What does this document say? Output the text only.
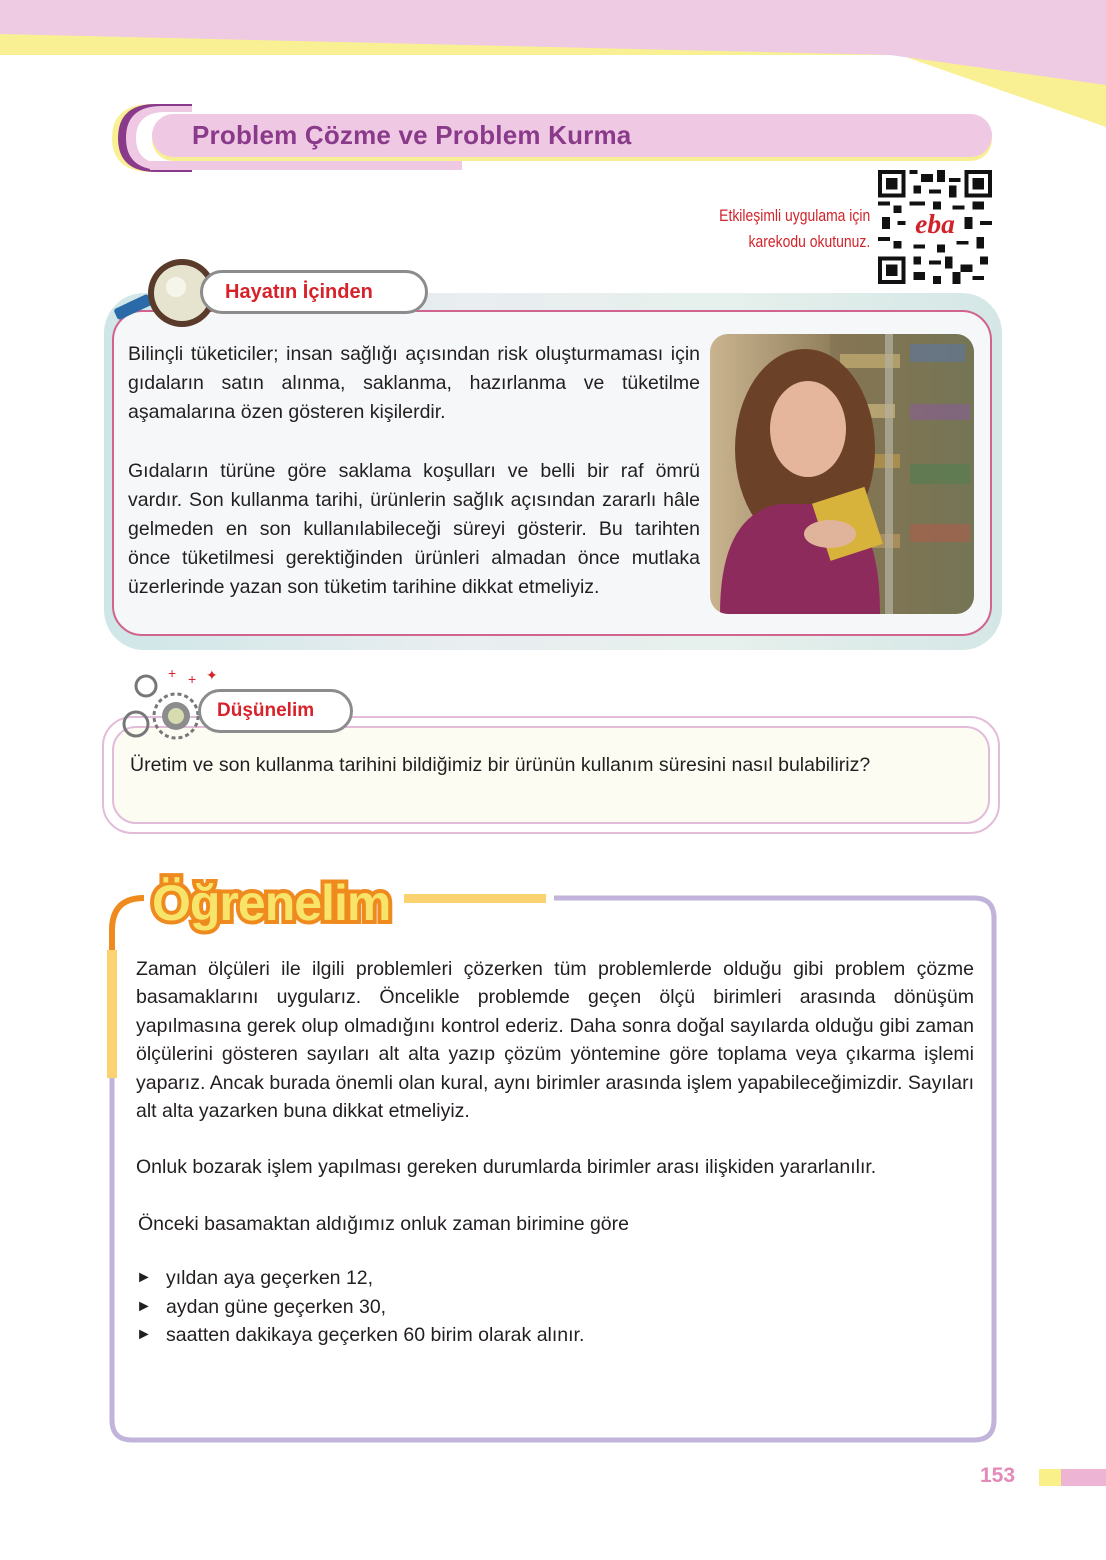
Problem Çözme ve Problem Kurma
Etkileşimli uygulama için
karekodu okutunuz.
eba

Bilinçli tüketiciler; insan sağlığı açısından risk oluşturmaması için gıdaların satın alınma, saklanma, hazırlanma ve tüketilme aşamalarına özen gösteren kişilerdir.

Gıdaların türüne göre saklama koşulları ve belli bir raf ömrü vardır. Son kullanma tarihi, ürünlerin sağlık açısından zararlı hâle gelmeden en son kullanılabileceği süreyi gösterir. Bu tarihten önce tüketilmesi gerektiğinden ürünleri almadan önce mutlaka üzerlerinde yazan son tüketim tarihine dikkat etmeliyiz.

Hayatın İçinden
Üretim ve son kullanma tarihini bildiğimiz bir ürünün kullanım süresini nasıl bulabiliriz?
+ + ✦
Düşünelim
Öğrenelim

Zaman ölçüleri ile ilgili problemleri çözerken tüm problemlerde olduğu gibi problem çözme basamaklarını uygularız. Öncelikle problemde geçen ölçü birimleri arasında dönüşüm yapılmasına gerek olup olmadığını kontrol ederiz. Daha sonra doğal sayılarda olduğu gibi zaman ölçülerini gösteren sayıları alt alta yazıp çözüm yöntemine göre toplama veya çıkarma işlemi yaparız. Ancak burada önemli olan kural, aynı birimler arasında işlem yapabileceğimizdir. Sayıları alt alta yazarken buna dikkat etmeliyiz.

Onluk bozarak işlem yapılması gereken durumlarda birimler arası ilişkiden yararlanılır.

Önceki basamaktan aldığımız onluk zaman birimine göre

► yıldan aya geçerken 12,
► aydan güne geçerken 30,
► saatten dakikaya geçerken 60 birim olarak alınır.
153
